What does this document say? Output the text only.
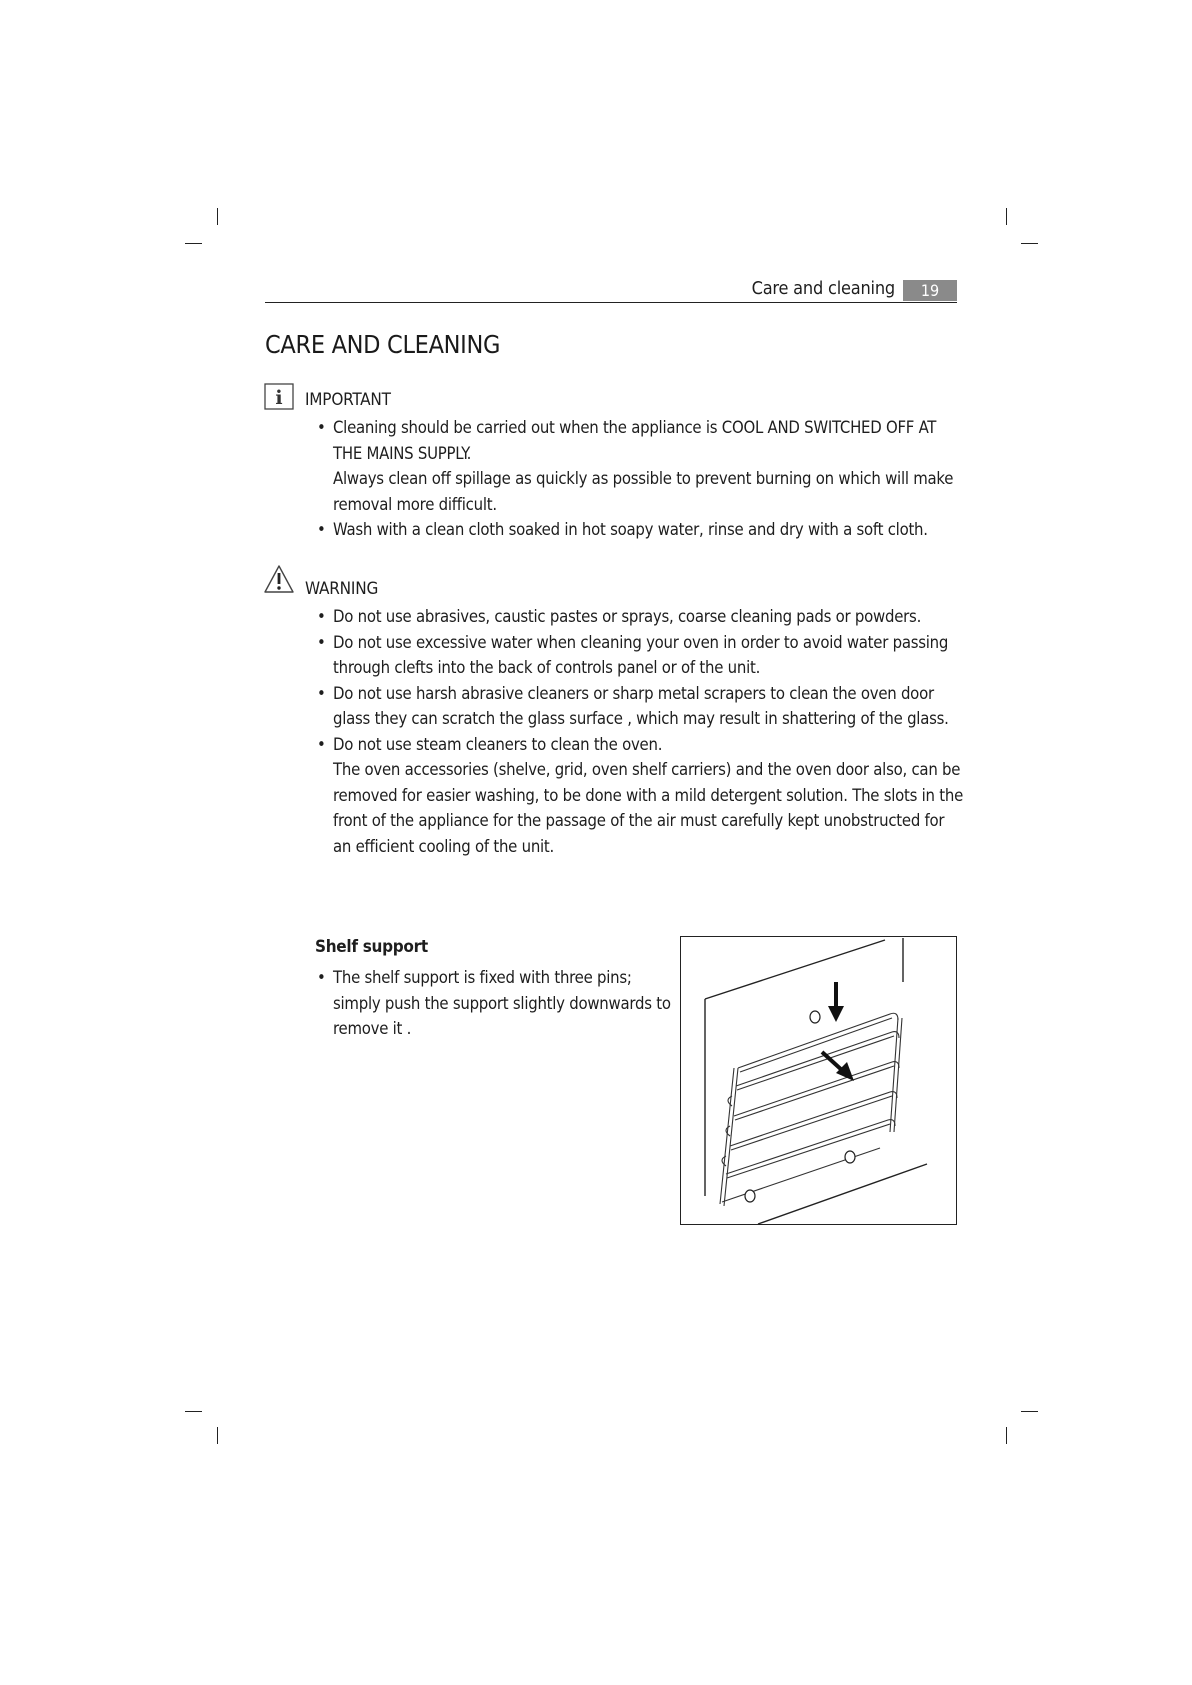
Care and cleaning	19
CARE AND CLEANING
i IMPORTANT
• Cleaning should be carried out when the appliance is COOL AND SWITCHED OFF AT THE MAINS SUPPLY.

Always clean off spillage as quickly as possible to prevent burning on which will make removal more difficult.

• Wash with a clean cloth soaked in hot soapy water, rinse and dry with a soft cloth.
WARNING
• Do not use abrasives, caustic pastes or sprays, coarse cleaning pads or powders.
• Do not use excessive water when cleaning your oven in order to avoid water passing through clefts into the back of controls panel or of the unit.
• Do not use harsh abrasive cleaners or sharp metal scrapers to clean the oven door glass they can scratch the glass surface , which may result in shattering of the glass.
• Do not use steam cleaners to clean the oven.

The oven accessories (shelve, grid, oven shelf carriers) and the oven door also, can be removed for easier washing, to be done with a mild detergent solution. The slots in the front of the appliance for the passage of the air must carefully kept unobstructed for an efficient cooling of the unit.

Shelf support
• The shelf support is fixed with three pins; simply push the support slightly downwards to remove it .
